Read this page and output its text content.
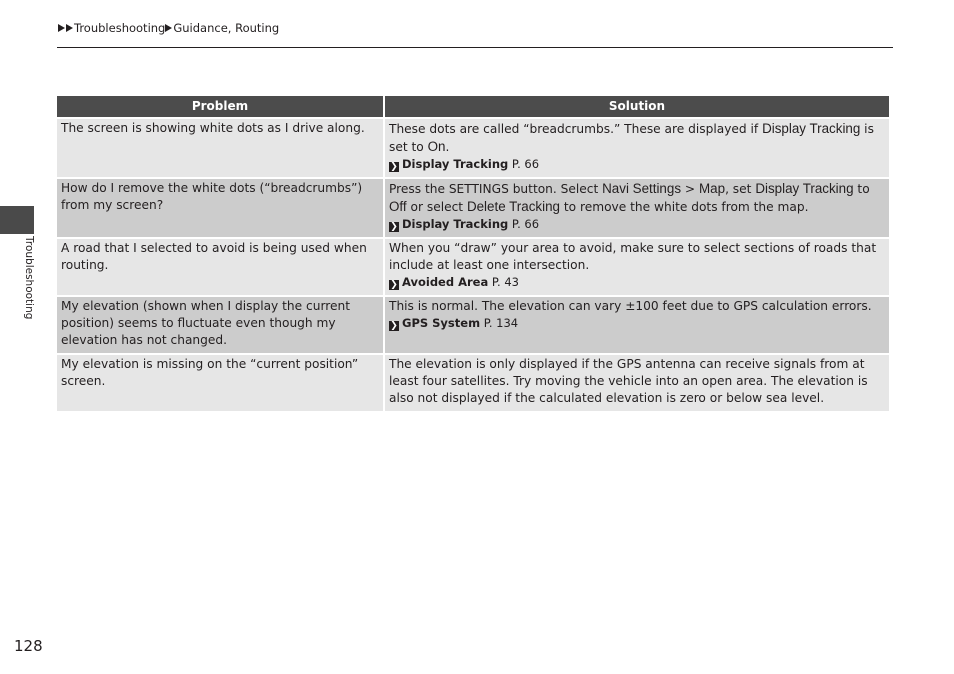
Troubleshooting Guidance, Routing
Troubleshooting
Problem	Solution
The screen is showing white dots as I drive along.	These dots are called “breadcrumbs.” These are displayed if Display Tracking is set to On.
❯ Display Tracking P. 66
How do I remove the white dots (“breadcrumbs”) from my screen?	Press the SETTINGS button. Select Navi Settings > Map, set Display Tracking to Off or select Delete Tracking to remove the white dots from the map.
❯ Display Tracking P. 66
A road that I selected to avoid is being used when routing.	When you “draw” your area to avoid, make sure to select sections of roads that include at least one intersection.
❯ Avoided Area P. 43
My elevation (shown when I display the current position) seems to fluctuate even though my elevation has not changed.	This is normal. The elevation can vary ±100 feet due to GPS calculation errors.
❯ GPS System P. 134
My elevation is missing on the “current position” screen.	The elevation is only displayed if the GPS antenna can receive signals from at least four satellites. Try moving the vehicle into an open area. The elevation is also not displayed if the calculated elevation is zero or below sea level.
128
